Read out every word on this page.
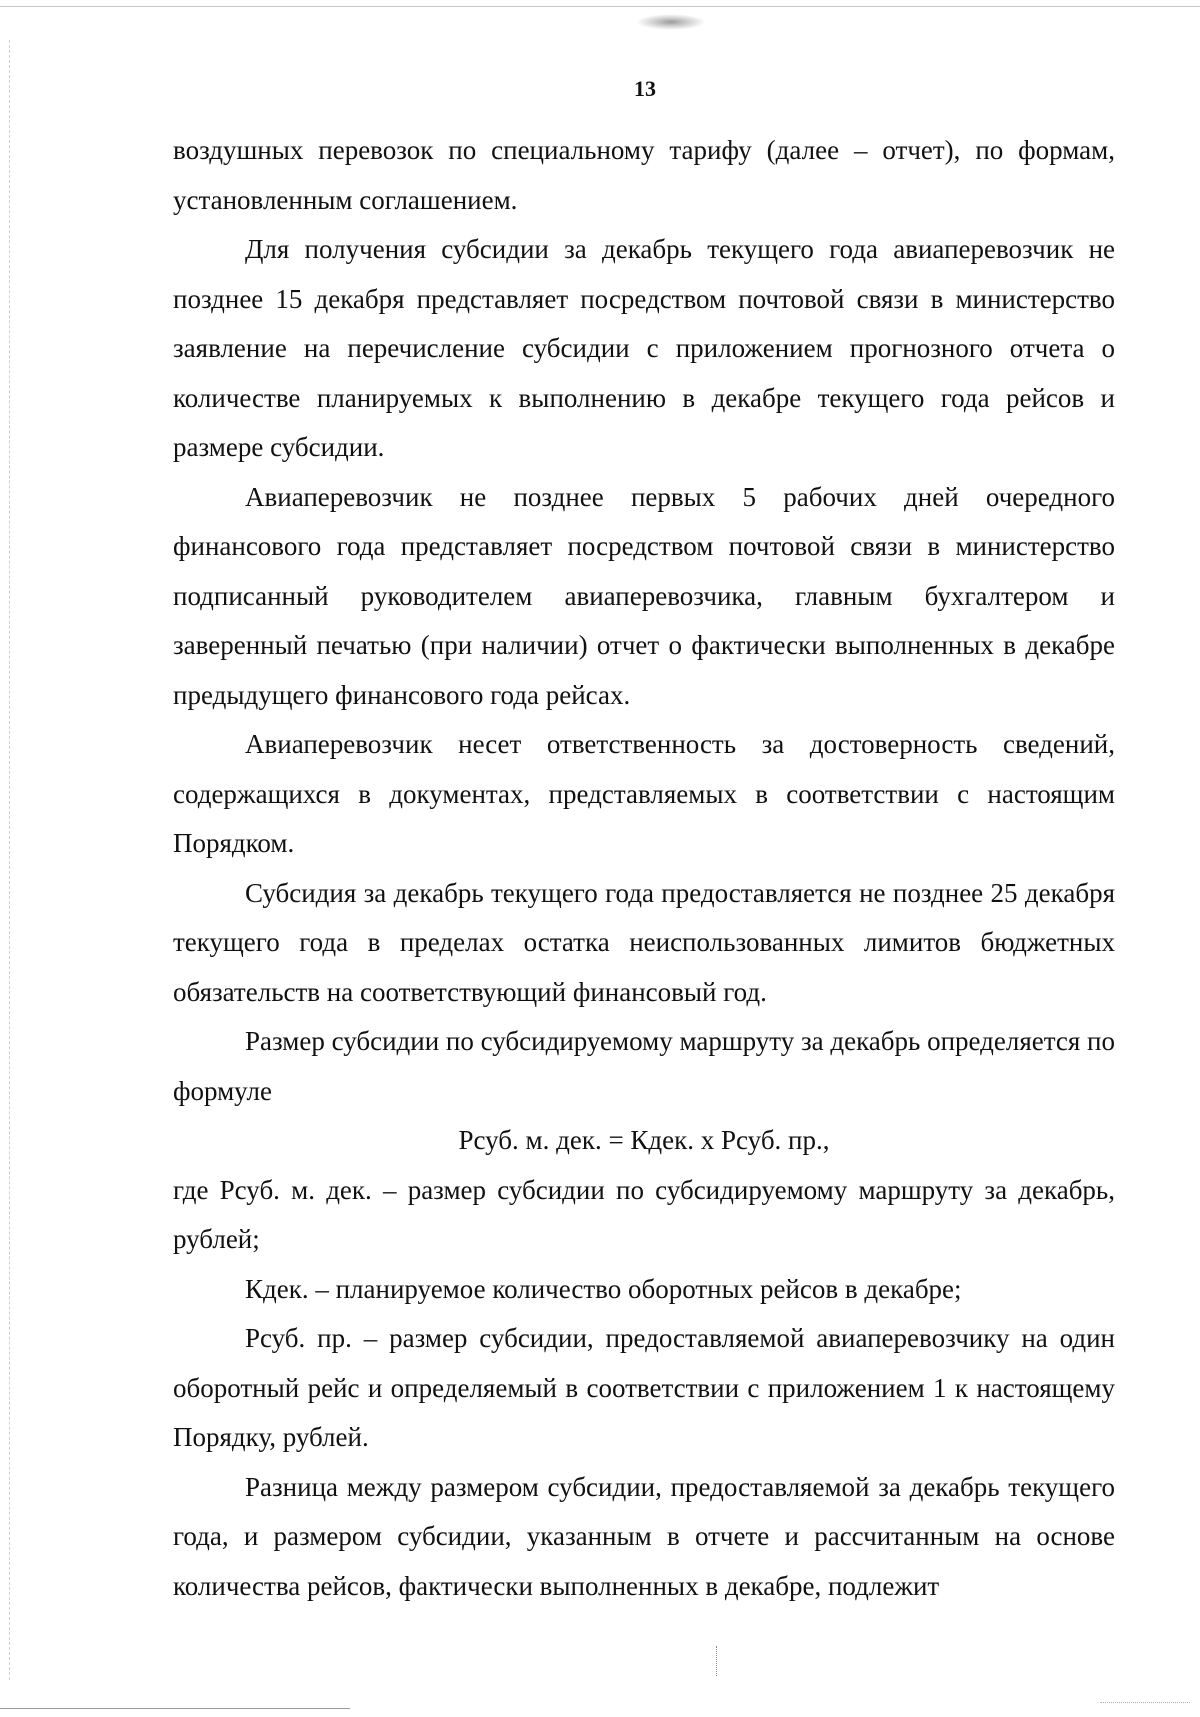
13

воздушных перевозок по специальному тарифу (далее – отчет), по формам, установленным соглашением.

Для получения субсидии за декабрь текущего года авиаперевозчик не позднее 15 декабря представляет посредством почтовой связи в министерство заявление на перечисление субсидии с приложением прогнозного отчета о количестве планируемых к выполнению в декабре текущего года рейсов и размере субсидии.

Авиаперевозчик не позднее первых 5 рабочих дней очередного финансового года представляет посредством почтовой связи в министерство подписанный руководителем авиаперевозчика, главным бухгалтером и заверенный печатью (при наличии) отчет о фактически выполненных в декабре предыдущего финансового года рейсах.

Авиаперевозчик несет ответственность за достоверность сведений, содержащихся в документах, представляемых в соответствии с настоящим Порядком.

Субсидия за декабрь текущего года предоставляется не позднее 25 декабря текущего года в пределах остатка неиспользованных лимитов бюджетных обязательств на соответствующий финансовый год.

Размер субсидии по субсидируемому маршруту за декабрь определяется по формуле

Рсуб. м. дек. = Кдек. х Рсуб. пр.,

где Рсуб. м. дек. – размер субсидии по субсидируемому маршруту за декабрь, рублей;

Кдек. – планируемое количество оборотных рейсов в декабре;

Рсуб. пр. – размер субсидии, предоставляемой авиаперевозчику на один оборотный рейс и определяемый в соответствии с приложением 1 к настоящему Порядку, рублей.

Разница между размером субсидии, предоставляемой за декабрь текущего года, и размером субсидии, указанным в отчете и рассчитанным на основе количества рейсов, фактически выполненных в декабре, подлежит
